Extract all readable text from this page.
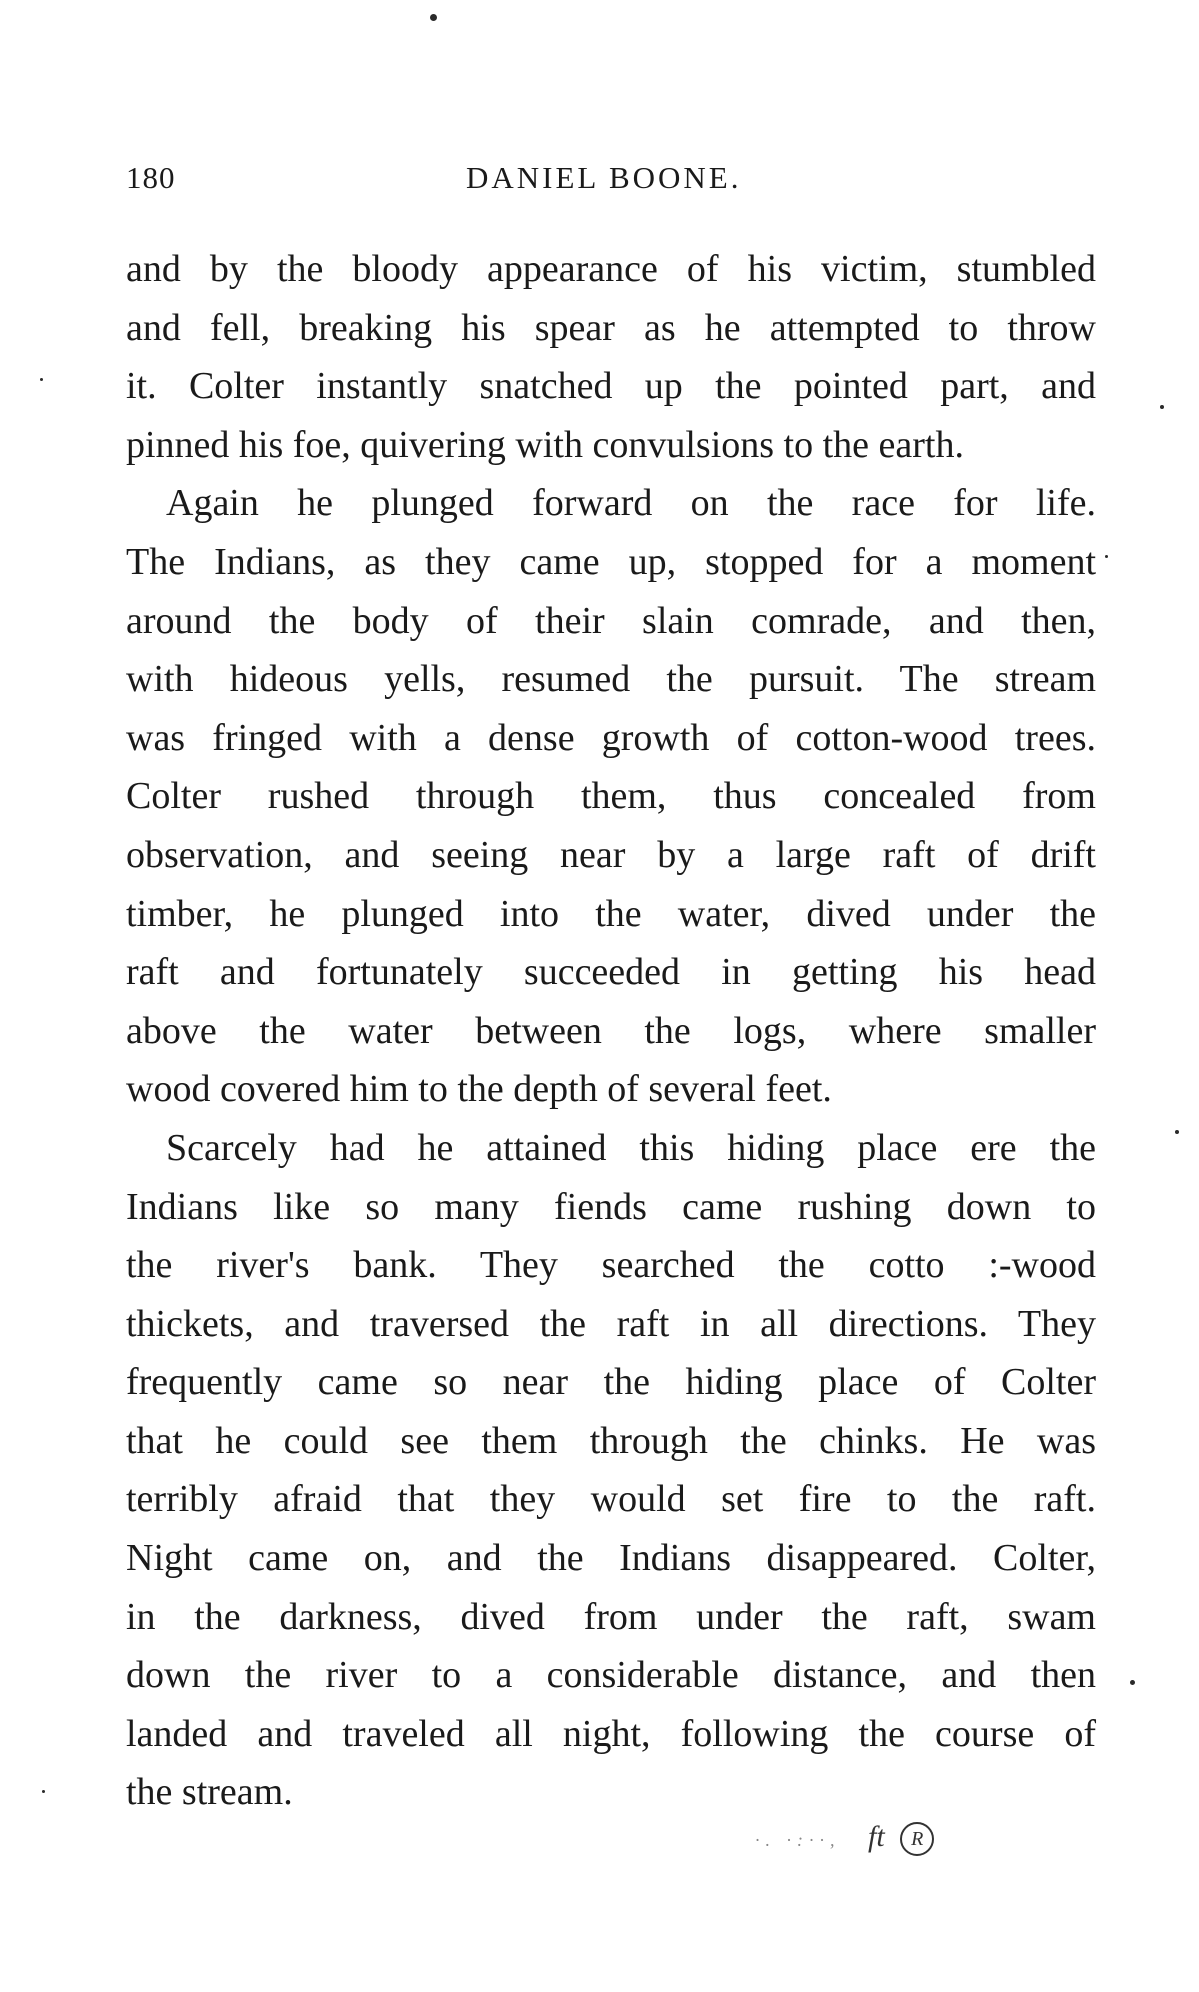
180	DANIEL BOONE.
and by the bloody appearance of his victim, stumbled
and fell, breaking his spear as he attempted to throw
it. Colter instantly snatched up the pointed part, and
pinned his foe, quivering with convulsions to the earth.
Again he plunged forward on the race for life.
The Indians, as they came up, stopped for a moment
around the body of their slain comrade, and then,
with hideous yells, resumed the pursuit. The stream
was fringed with a dense growth of cotton-wood trees.
Colter rushed through them, thus concealed from
observation, and seeing near by a large raft of drift
timber, he plunged into the water, dived under the
raft and fortunately succeeded in getting his head
above the water between the logs, where smaller
wood covered him to the depth of several feet.
Scarcely had he attained this hiding place ere the
Indians like so many fiends came rushing down to
the river's bank. They searched the cotto :-wood
thickets, and traversed the raft in all directions. They
frequently came so near the hiding place of Colter
that he could see them through the chinks. He was
terribly afraid that they would set fire to the raft.
Night came on, and the Indians disappeared. Colter,
in the darkness, dived from under the raft, swam
down the river to a considerable distance, and then
landed and traveled all night, following the course of
the stream.
·. ·:··, ft R
